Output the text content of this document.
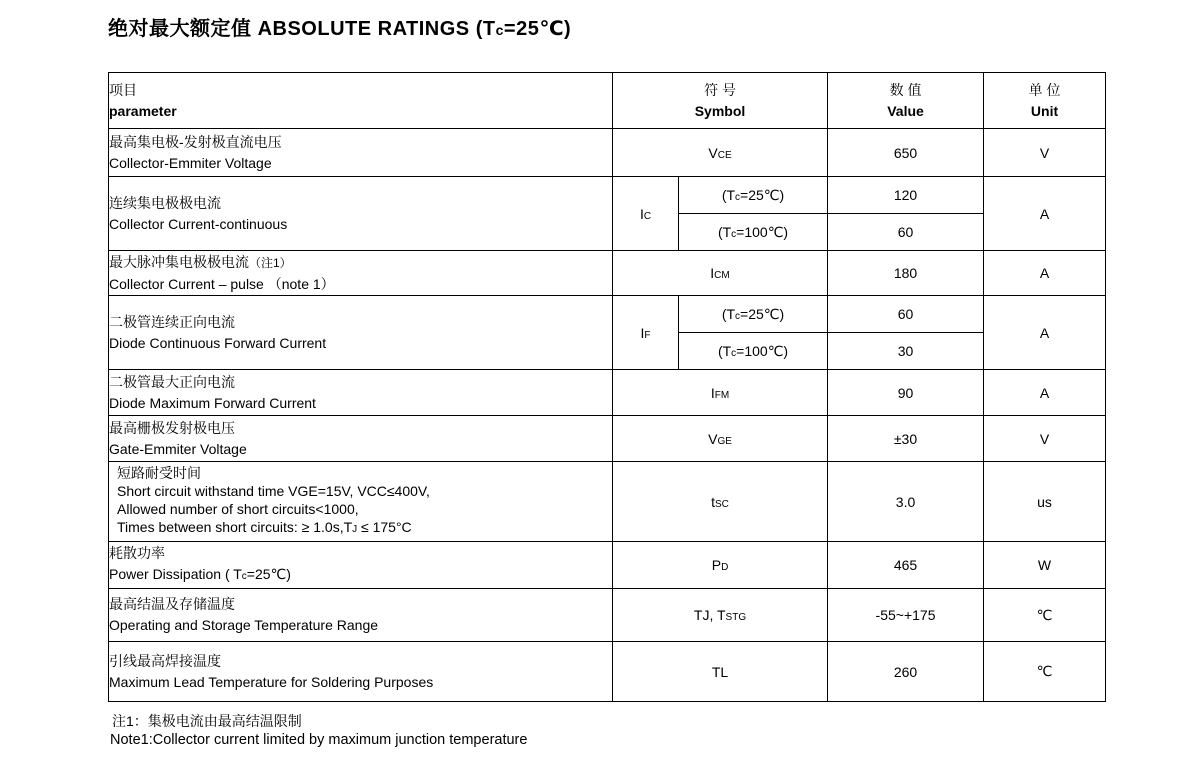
绝对最大额定值 ABSOLUTE RATINGS (Tc=25℃)
项目
parameter

符 号
Symbol

数 值
Value

单 位
Unit

最高集电极-发射极直流电压
Collector-Emmiter Voltage	VCE		650	V

连续集电极极电流
Collector Current-continuous	IC	(Tc=25℃)	120	A
		(Tc=100℃)	60	

最大脉冲集电极极电流（注1）
Collector Current – pulse （note 1）	ICM		180	A

二极管连续正向电流
Diode Continuous Forward Current	IF	(Tc=25℃)	60	A
		(Tc=100℃)	30	

二极管最大正向电流
Diode Maximum Forward Current	IFM		90	A

最高栅极发射极电压
Gate-Emmiter Voltage	VGE		±30	V

短路耐受时间
Short circuit withstand time VGE=15V, VCC≤400V,
Allowed number of short circuits<1000,
Times between short circuits: ≥ 1.0s,TJ ≤ 175°C	tSC		3.0	us

耗散功率
Power Dissipation ( Tc=25℃)	PD		465	W

最高结温及存储温度
Operating and Storage Temperature Range	TJ, TSTG		-55~+175	℃

引线最高焊接温度
Maximum Lead Temperature for Soldering Purposes	TL		260	℃
注1：集极电流由最高结温限制
Note1:Collector current limited by maximum junction temperature
